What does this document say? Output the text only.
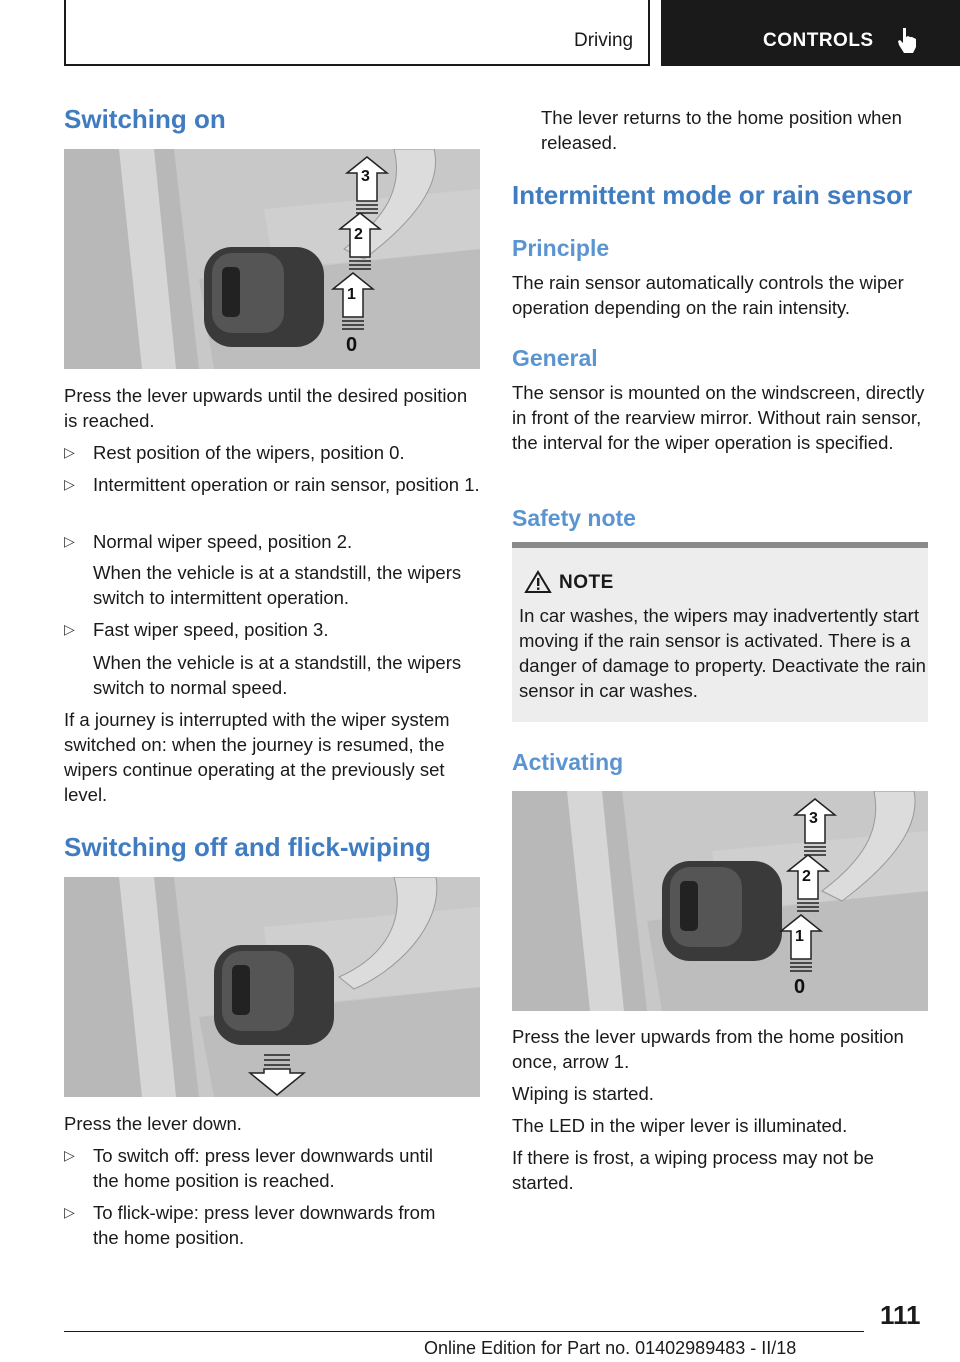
Driving	CONTROLS
Switching on
3
2
1
0

Press the lever upwards until the desired position is reached.

▷ Rest position of the wipers, position 0.
▷ Intermittent operation or rain sensor, position 1.
▷ Normal wiper speed, position 2.
When the vehicle is at a standstill, the wipers switch to intermittent operation.
▷ Fast wiper speed, position 3.
When the vehicle is at a standstill, the wipers switch to normal speed.

If a journey is interrupted with the wiper system switched on: when the journey is resumed, the wipers continue operating at the previously set level.

Switching off and flick-wiping

Press the lever down.

▷ To switch off: press lever downwards until the home position is reached.
▷ To flick-wipe: press lever downwards from the home position.

The lever returns to the home position when released.

Intermittent mode or rain sensor
Principle

The rain sensor automatically controls the wiper operation depending on the rain intensity.

General

The sensor is mounted on the windscreen, directly in front of the rearview mirror. Without rain sensor, the interval for the wiper operation is specified.

Safety note
NOTE
In car washes, the wipers may inadvertently start moving if the rain sensor is activated. There is a danger of damage to property. Deactivate the rain sensor in car washes.
Activating
3
2
1
0

Press the lever upwards from the home position once, arrow 1.

Wiping is started.

The LED in the wiper lever is illuminated.

If there is frost, a wiping process may not be started.

111
Online Edition for Part no. 01402989483 - II/18
